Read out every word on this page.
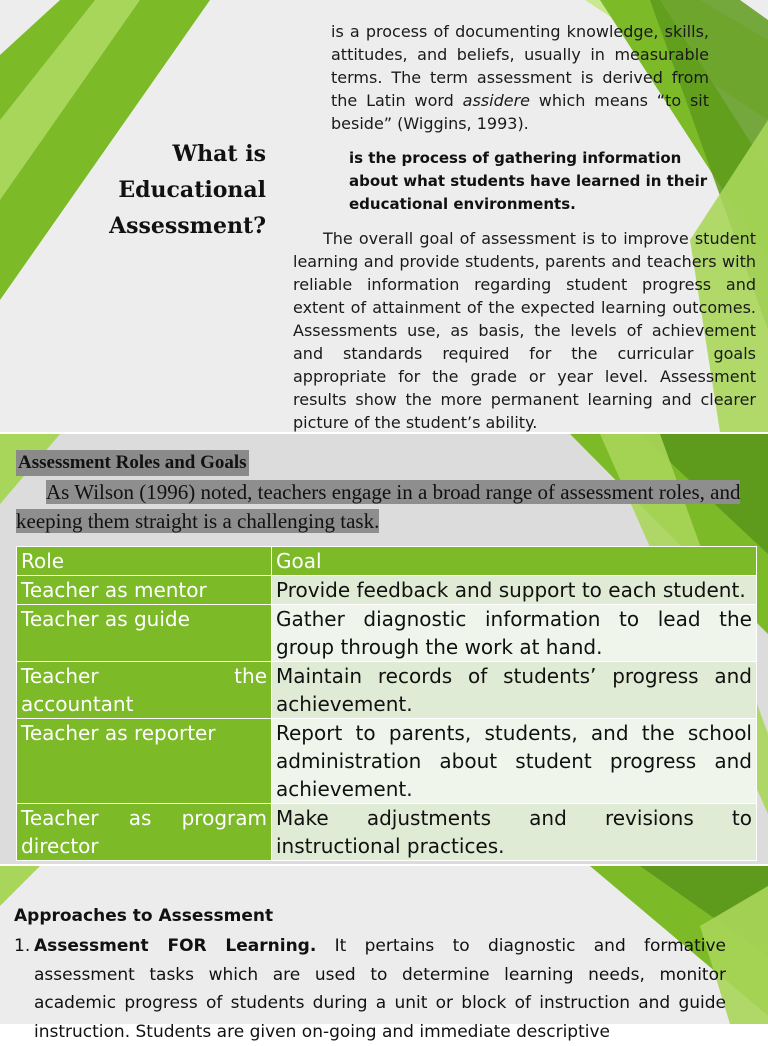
What is Educational Assessment?
is a process of documenting knowledge, skills, attitudes, and beliefs, usually in measurable terms. The term assessment is derived from the Latin word assidere which means “to sit beside” (Wiggins, 1993).
is the process of gathering information about what students have learned in their educational environments.
The overall goal of assessment is to improve student learning and provide students, parents and teachers with reliable information regarding student progress and extent of attainment of the expected learning outcomes. Assessments use, as basis, the levels of achievement and standards required for the curricular goals appropriate for the grade or year level. Assessment results show the more permanent learning and clearer picture of the student’s ability.
Assessment Roles and Goals
As Wilson (1996) noted, teachers engage in a broad range of assessment roles, and keeping them straight is a challenging task.
Role	Goal
Teacher as mentor	Provide feedback and support to each student.
Teacher as guide	Gather diagnostic information to lead the group through the work at hand.

Teacher the
accountant	Maintain records of students’ progress and achievement.
Teacher as reporter	Report to parents, students, and the school administration about student progress and achievement.

Teacher as program
director	Make adjustments and revisions to instructional practices.
Approaches to Assessment
1. Assessment FOR Learning. It pertains to diagnostic and formative assessment tasks which are used to determine learning needs, monitor academic progress of students during a unit or block of instruction and guide instruction. Students are given on-going and immediate descriptive
